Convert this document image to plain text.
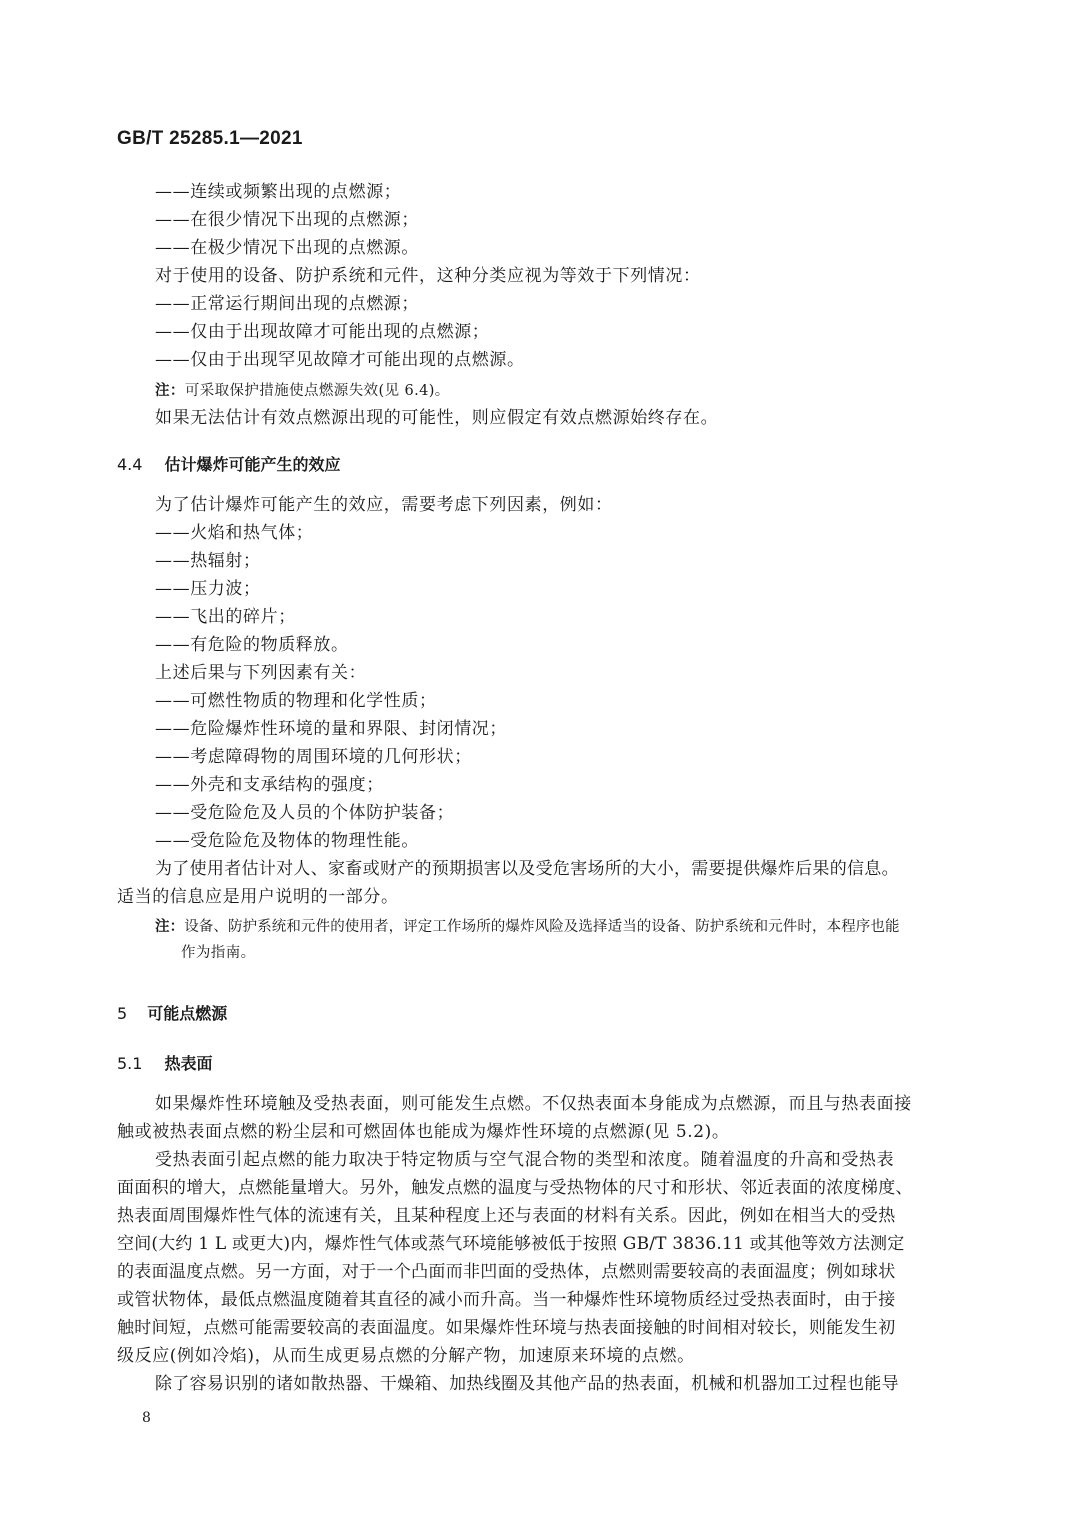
GB/T 25285.1—2021
——连续或频繁出现的点燃源；
——在很少情况下出现的点燃源；
——在极少情况下出现的点燃源。
对于使用的设备、防护系统和元件，这种分类应视为等效于下列情况：
——正常运行期间出现的点燃源；
——仅由于出现故障才可能出现的点燃源；
——仅由于出现罕见故障才可能出现的点燃源。
注：可采取保护措施使点燃源失效(见 6.4)。
如果无法估计有效点燃源出现的可能性，则应假定有效点燃源始终存在。
4.4 估计爆炸可能产生的效应
为了估计爆炸可能产生的效应，需要考虑下列因素，例如：
——火焰和热气体；
——热辐射；
——压力波；
——飞出的碎片；
——有危险的物质释放。
上述后果与下列因素有关：
——可燃性物质的物理和化学性质；
——危险爆炸性环境的量和界限、封闭情况；
——考虑障碍物的周围环境的几何形状；
——外壳和支承结构的强度；
——受危险危及人员的个体防护装备；
——受危险危及物体的物理性能。
为了使用者估计对人、家畜或财产的预期损害以及受危害场所的大小，需要提供爆炸后果的信息。
适当的信息应是用户说明的一部分。
注：设备、防护系统和元件的使用者，评定工作场所的爆炸风险及选择适当的设备、防护系统和元件时，本程序也能
作为指南。
5 可能点燃源
5.1 热表面
如果爆炸性环境触及受热表面，则可能发生点燃。不仅热表面本身能成为点燃源，而且与热表面接
触或被热表面点燃的粉尘层和可燃固体也能成为爆炸性环境的点燃源(见 5.2)。
受热表面引起点燃的能力取决于特定物质与空气混合物的类型和浓度。随着温度的升高和受热表
面面积的增大，点燃能量增大。另外，触发点燃的温度与受热物体的尺寸和形状、邻近表面的浓度梯度、
热表面周围爆炸性气体的流速有关，且某种程度上还与表面的材料有关系。因此，例如在相当大的受热
空间(大约 1 L 或更大)内，爆炸性气体或蒸气环境能够被低于按照 GB/T 3836.11 或其他等效方法测定
的表面温度点燃。另一方面，对于一个凸面而非凹面的受热体，点燃则需要较高的表面温度；例如球状
或管状物体，最低点燃温度随着其直径的减小而升高。当一种爆炸性环境物质经过受热表面时，由于接
触时间短，点燃可能需要较高的表面温度。如果爆炸性环境与热表面接触的时间相对较长，则能发生初
级反应(例如冷焰)，从而生成更易点燃的分解产物，加速原来环境的点燃。
除了容易识别的诸如散热器、干燥箱、加热线圈及其他产品的热表面，机械和机器加工过程也能导
8
